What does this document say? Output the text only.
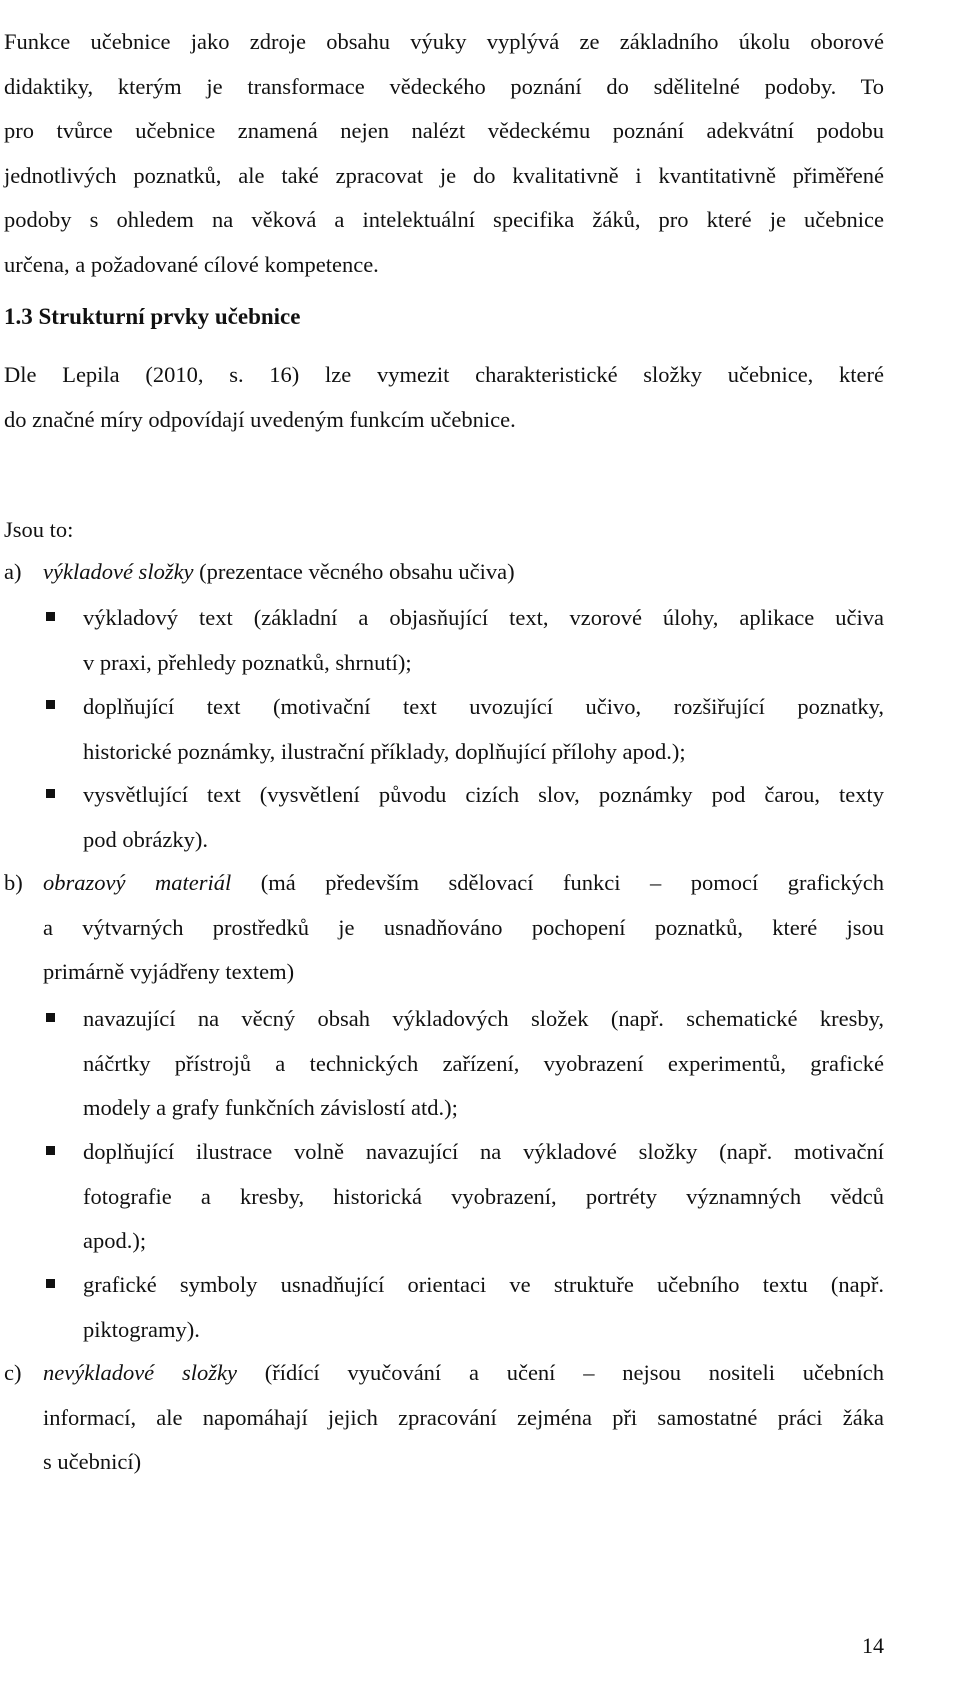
Funkce učebnice jako zdroje obsahu výuky vyplývá ze základního úkolu oborové
didaktiky, kterým je transformace vědeckého poznání do sdělitelné podoby. To
pro tvůrce učebnice znamená nejen nalézt vědeckému poznání adekvátní podobu
jednotlivých poznatků, ale také zpracovat je do kvalitativně i kvantitativně přiměřené
podoby s ohledem na věková a intelektuální specifika žáků, pro které je učebnice
určena, a požadované cílové kompetence.
1.3 Strukturní prvky učebnice
Dle Lepila (2010, s. 16) lze vymezit charakteristické složky učebnice, které
do značné míry odpovídají uvedeným funkcím učebnice.
Jsou to:
a) výkladové složky (prezentace věcného obsahu učiva)
výkladový text (základní a objasňující text, vzorové úlohy, aplikace učiva
v praxi, přehledy poznatků, shrnutí);
doplňující text (motivační text uvozující učivo, rozšiřující poznatky,
historické poznámky, ilustrační příklady, doplňující přílohy apod.);
vysvětlující text (vysvětlení původu cizích slov, poznámky pod čarou, texty
pod obrázky).
b) obrazový materiál (má především sdělovací funkci – pomocí grafických
a výtvarných prostředků je usnadňováno pochopení poznatků, které jsou
primárně vyjádřeny textem)
navazující na věcný obsah výkladových složek (např. schematické kresby,
náčrtky přístrojů a technických zařízení, vyobrazení experimentů, grafické
modely a grafy funkčních závislostí atd.);
doplňující ilustrace volně navazující na výkladové složky (např. motivační
fotografie a kresby, historická vyobrazení, portréty významných vědců
apod.);
grafické symboly usnadňující orientaci ve struktuře učebního textu (např.
piktogramy).
c) nevýkladové složky (řídící vyučování a učení – nejsou nositeli učebních
informací, ale napomáhají jejich zpracování zejména při samostatné práci žáka
s učebnicí)
14
